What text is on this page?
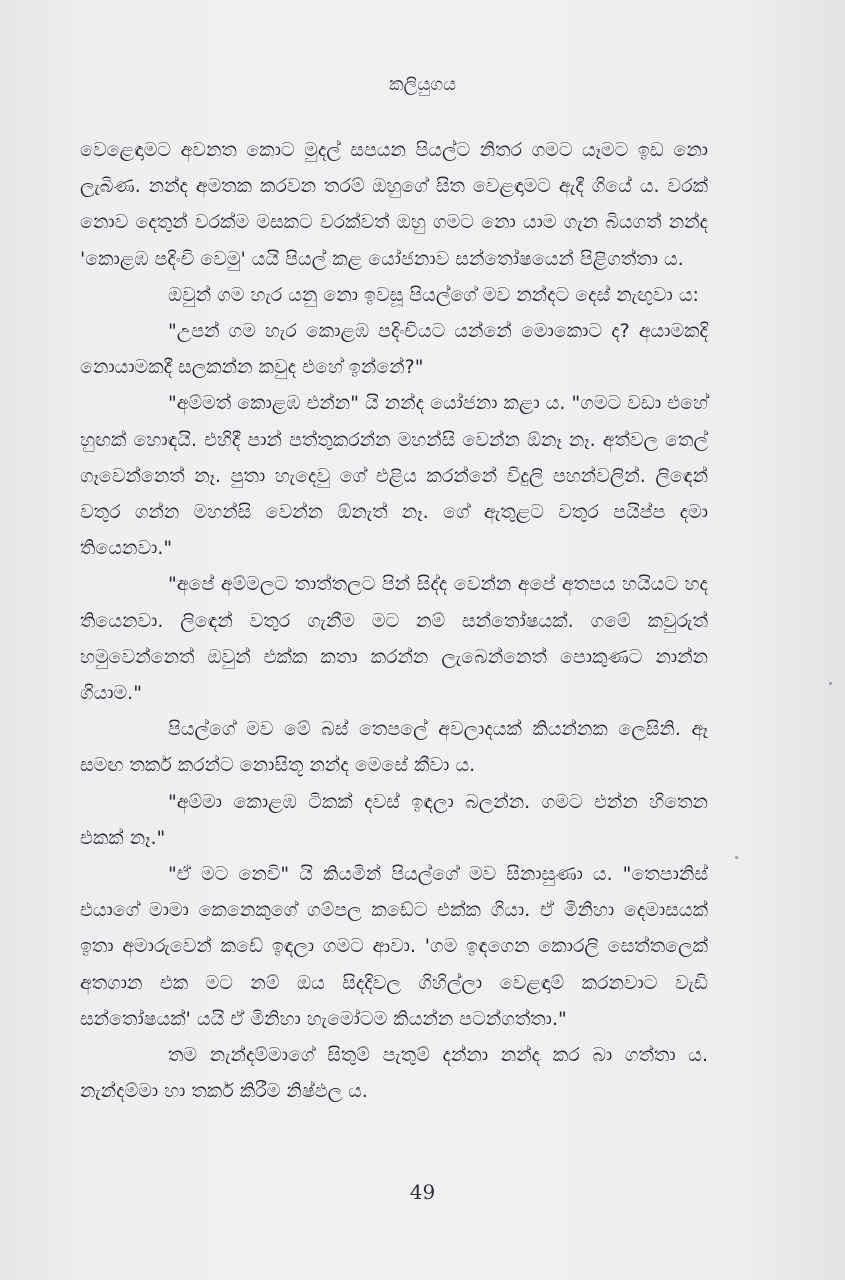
කලියුගය

වෙළෙඳාමට අවනත කොට මුදල් සපයන පියල්ට නිතර ගමට යෑමට ඉඩ නො ලැබිණ. නන්ද අමතක කරවන තරම් ඔහුගේ සිත වෙළඳාමට ඇදී ගියේ ය. වරක් නොව දෙතුන් වරක්ම මසකට වරක්වත් ඔහු ගමට නො යාම ගැන බියගත් නන්ද 'කොළඹ පදිංචි වෙමු' යයි පියල් කළ යෝජනාව සන්තෝෂයෙන් පිළිගත්තා ය.

ඔවුන් ගම හැර යනු නො ඉවසූ පියල්ගේ මව නන්දට දෙස් නැඟුවා ය:

"උපන් ගම හැර කොළඹ පදිංචියට යන්නේ මොකොට ද? අයාමකදි නොයාමකදී සලකන්න කවුද එහේ ඉන්නේ?"

"අම්මත් කොළඹ එන්න" යි නන්ද යෝජනා කළා ය. "ගමට වඩා එහේ හුඟක් හොඳයි. එහිදී පාන් පත්තුකරන්න මහන්සි වෙන්න ඕනෑ නෑ. අත්වල තෙල් ගෑවෙන්නෙත් නෑ. පුතා හැදෙවු ගේ එළිය කරන්නේ විදුලි පහන්වලින්. ලිඳෙන් වතුර ගන්න මහන්සි වෙන්න ඕනැත් නෑ. ගේ ඇතුළට වතුර පයිප්ප දමා තියෙනවා."

"අපේ අම්මලට තාත්තලට පින් සිද්ද වෙන්න අපේ අතපය හයියට හද තියෙනවා. ලිඳෙන් වතුර ගැනීම මට නම් සන්තෝෂයක්. ගමේ කවුරුත් හමුවෙන්නෙත් ඔවුන් එක්ක කතා කරන්න ලැබෙන්නෙත් පොකුණට නාන්න ගියාම."

පියල්ගේ මව මේ බස් තෙපලේ අවලාදයක් කියන්නක ලෙසිනි. ඈ සමඟ තර්ක කරන්ට නොසිතූ නන්ද මෙසේ කීවා ය.

"අම්මා කොළඹ ටිකක් දවස් ඉඳලා බලන්න. ගමට එන්න හිතෙන එකක් නෑ."

"ඒ මට නෙවි" යි කියමින් පියල්ගේ මව සිනාසුණා ය. "තෙපානිස් එයාගේ මාමා කෙනෙකුගේ ගම්පල කඩේට එක්ක ගියා. ඒ මිනිහා දෙමාසයක් ඉතා අමාරුවෙන් කඩේ ඉඳලා ගමට ආවා. 'ගම ඉඳගෙන කොරලි සෙත්තලෙක් අතගාන එක මට නම් ඔය සිදදිවල ගිහිල්ලා වෙළඳාම් කරනවාට වැඩි සන්තෝෂයක්' යයි ඒ මිනිහා හැමෝටම කියන්න පටන්ගත්තා."

තම නැන්දම්මාගේ සිතුම් පැතුම් දන්නා නන්ද කර බා ගත්තා ය. නැන්දම්මා හා තර්ක කිරීම නිෂ්ඵල ය.

49
